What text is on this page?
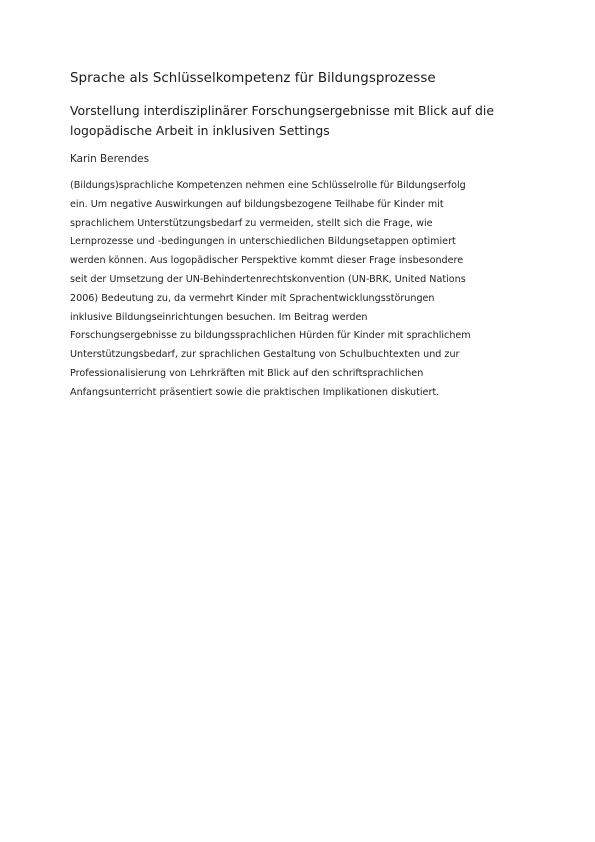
Sprache als Schlüsselkompetenz für Bildungsprozesse
Vorstellung interdisziplinärer Forschungsergebnisse mit Blick auf die
logopädische Arbeit in inklusiven Settings

Karin Berendes

(Bildungs)sprachliche Kompetenzen nehmen eine Schlüsselrolle für Bildungserfolg
ein. Um negative Auswirkungen auf bildungsbezogene Teilhabe für Kinder mit
sprachlichem Unterstützungsbedarf zu vermeiden, stellt sich die Frage, wie
Lernprozesse und -bedingungen in unterschiedlichen Bildungsetappen optimiert
werden können. Aus logopädischer Perspektive kommt dieser Frage insbesondere
seit der Umsetzung der UN-Behindertenrechtskonvention (UN-BRK, United Nations
2006) Bedeutung zu, da vermehrt Kinder mit Sprachentwicklungsstörungen
inklusive Bildungseinrichtungen besuchen. Im Beitrag werden
Forschungsergebnisse zu bildungssprachlichen Hürden für Kinder mit sprachlichem
Unterstützungsbedarf, zur sprachlichen Gestaltung von Schulbuchtexten und zur
Professionalisierung von Lehrkräften mit Blick auf den schriftsprachlichen
Anfangsunterricht präsentiert sowie die praktischen Implikationen diskutiert.
